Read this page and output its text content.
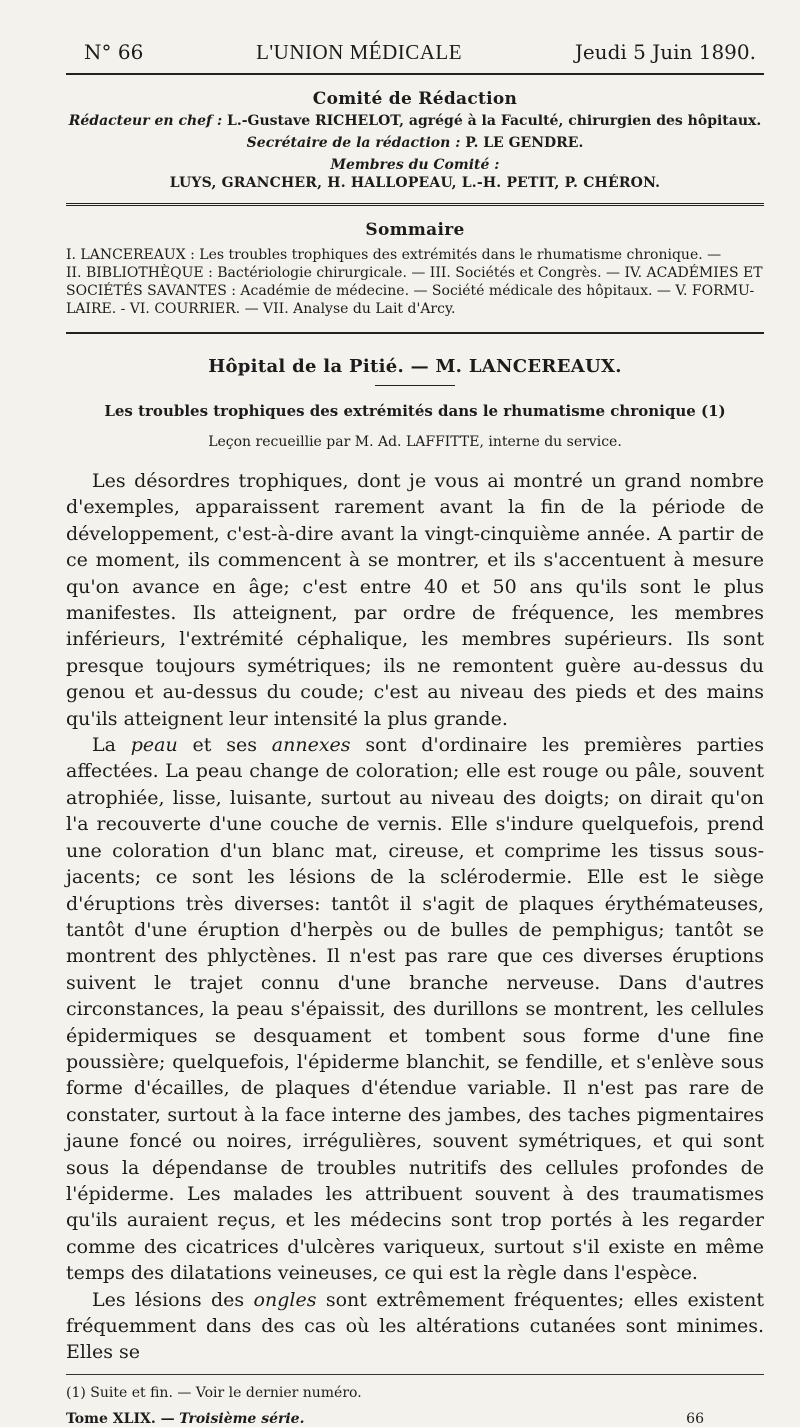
N° 66	L'UNION MÉDICALE	Jeudi 5 Juin 1890.
Comité de Rédaction
Rédacteur en chef : L.-Gustave RICHELOT, agrégé à la Faculté, chirurgien des hôpitaux.
Secrétaire de la rédaction : P. LE GENDRE.
Membres du Comité :
LUYS, GRANCHER, H. HALLOPEAU, L.-H. PETIT, P. CHÉRON.
Sommaire
I. LANCEREAUX : Les troubles trophiques des extrémités dans le rhumatisme chronique. —
II. BIBLIOTHÈQUE : Bactériologie chirurgicale. — III. Sociétés et Congrès. — IV. ACADÉMIES ET
SOCIÉTÉS SAVANTES : Académie de médecine. — Société médicale des hôpitaux. — V. FORMU-
LAIRE. - VI. COURRIER. — VII. Analyse du Lait d'Arcy.
Hôpital de la Pitié. — M. LANCEREAUX.
Les troubles trophiques des extrémités dans le rhumatisme chronique (1)
Leçon recueillie par M. Ad. LAFFITTE, interne du service.

Les désordres trophiques, dont je vous ai montré un grand nombre d'exemples, apparaissent rarement avant la fin de la période de développement, c'est-à-dire avant la vingt-cinquième année. A partir de ce moment, ils commencent à se montrer, et ils s'accentuent à mesure qu'on avance en âge; c'est entre 40 et 50 ans qu'ils sont le plus manifestes. Ils atteignent, par ordre de fréquence, les membres inférieurs, l'extrémité céphalique, les membres supérieurs. Ils sont presque toujours symétriques; ils ne remontent guère au-dessus du genou et au-dessus du coude; c'est au niveau des pieds et des mains qu'ils atteignent leur intensité la plus grande.

La peau et ses annexes sont d'ordinaire les premières parties affectées. La peau change de coloration; elle est rouge ou pâle, souvent atrophiée, lisse, luisante, surtout au niveau des doigts; on dirait qu'on l'a recouverte d'une couche de vernis. Elle s'indure quelquefois, prend une coloration d'un blanc mat, cireuse, et comprime les tissus sous-jacents; ce sont les lésions de la sclérodermie. Elle est le siège d'éruptions très diverses: tantôt il s'agit de plaques érythémateuses, tantôt d'une éruption d'herpès ou de bulles de pemphigus; tantôt se montrent des phlyctènes. Il n'est pas rare que ces diverses éruptions suivent le trajet connu d'une branche nerveuse. Dans d'autres circonstances, la peau s'épaissit, des durillons se montrent, les cellules épidermiques se desquament et tombent sous forme d'une fine poussière; quelquefois, l'épiderme blanchit, se fendille, et s'enlève sous forme d'écailles, de plaques d'étendue variable. Il n'est pas rare de constater, surtout à la face interne des jambes, des taches pigmentaires jaune foncé ou noires, irrégulières, souvent symétriques, et qui sont sous la dépendanse de troubles nutritifs des cellules profondes de l'épiderme. Les malades les attribuent souvent à des traumatismes qu'ils auraient reçus, et les médecins sont trop portés à les regarder comme des cicatrices d'ulcères variqueux, surtout s'il existe en même temps des dilatations veineuses, ce qui est la règle dans l'espèce.

Les lésions des ongles sont extrêmement fréquentes; elles existent fréquemment dans des cas où les altérations cutanées sont minimes. Elles se

(1) Suite et fin. — Voir le dernier numéro.
Tome XLIX. — Troisième série.	66
